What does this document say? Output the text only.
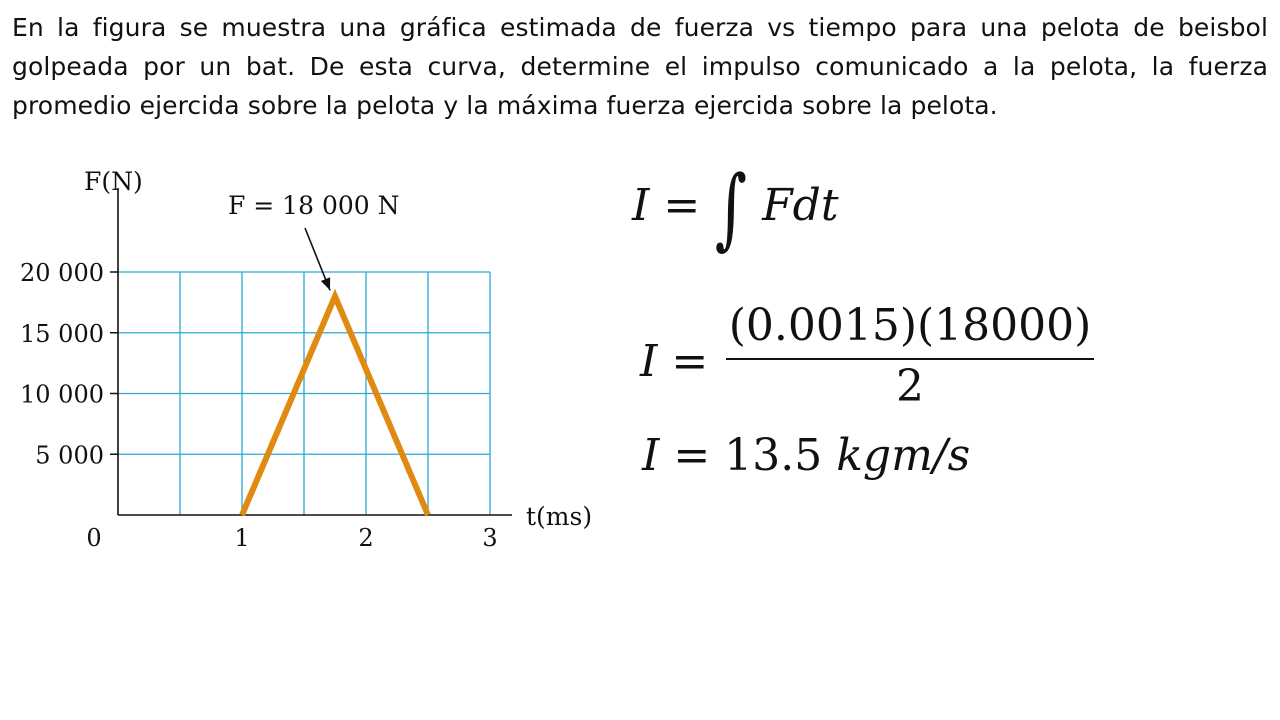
En la figura se muestra una gráfica estimada de fuerza vs tiempo para una pelota de beisbol golpeada por un bat. De esta curva, determine el impulso comunicado a la pelota, la fuerza promedio ejercida sobre la pelota y la máxima fuerza ejercida sobre la pelota.

5 000
10 000
15 000
20 000
0	1	2	3
F(N)
t(ms)
F = 18 000 N	I = ∫ Fdt
I =
(0.0015)(18000)
2
I = 13.5 kgm/s
